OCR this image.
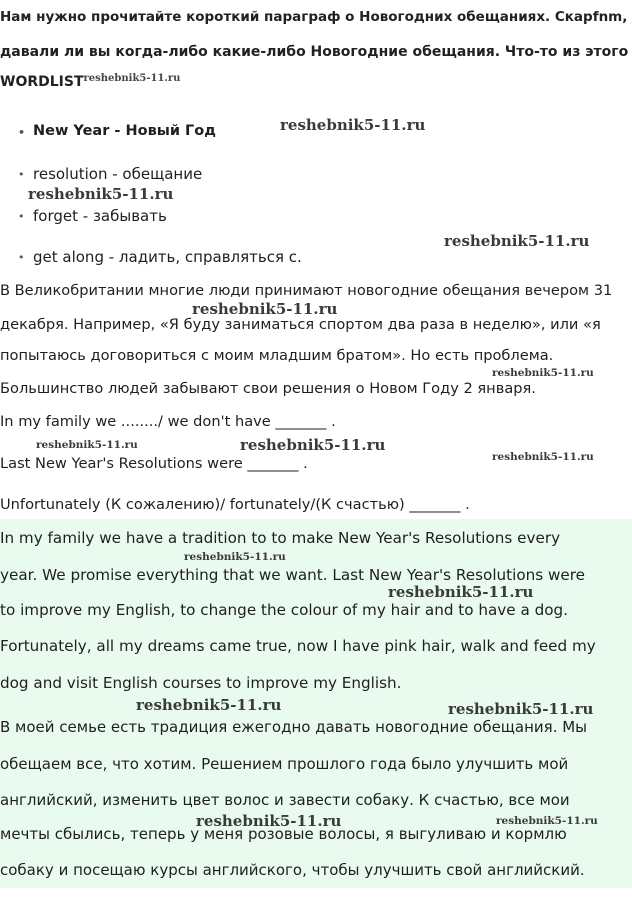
Нам нужно прочитайте короткий параграф о Новогодних обещаниях. Cкapfnm,
давали ли вы когда-либо какие-либо Новогодние обещания. Что-то из этого
$WORDLIST^{reshebnik5-11.ru}$
• New Year - Новый Год
• resolution - обещание
• forget - забывать
• get along - ладить, справляться с.
В Великобритании многие люди принимают новогодние обещания вечером 31
декабря. Например, «Я буду заниматься спортом два раза в неделю», или «я
попытаюсь договориться с моим младшим братом». Но есть проблема.
Большинство людей забывают свои решения о Новом Году 2 января.
In my family we ......../ we don't have _______ .
Last New Year's Resolutions were _______ .
Unfortunately (К сожалению)/ fortunately/(К счастью) _______ .
In my family we have a tradition to to make New Year's Resolutions every
year. We promise everything that we want. Last New Year's Resolutions were
to improve my English, to change the colour of my hair and to have a dog.
Fortunately, all my dreams came true, now I have pink hair, walk and feed my
dog and visit English courses to improve my English.
В моей семье есть традиция ежегодно давать новогодние обещания. Мы
обещаем все, что хотим. Решением прошлого года было улучшить мой
английский, изменить цвет волос и завести собаку. К счастью, все мои
мечты сбылись, теперь у меня розовые волосы, я выгуливаю и кормлю
собаку и посещаю курсы английского, чтобы улучшить свой английский.
reshebnik5-11.ru
reshebnik5-11.ru
reshebnik5-11.ru
reshebnik5-11.ru
reshebnik5-11.ru
reshebnik5-11.ru	reshebnik5-11.ru
reshebnik5-11.ru
reshebnik5-11.ru
reshebnik5-11.ru
reshebnik5-11.ru	reshebnik5-11.ru
reshebnik5-11.ru	reshebnik5-11.ru
